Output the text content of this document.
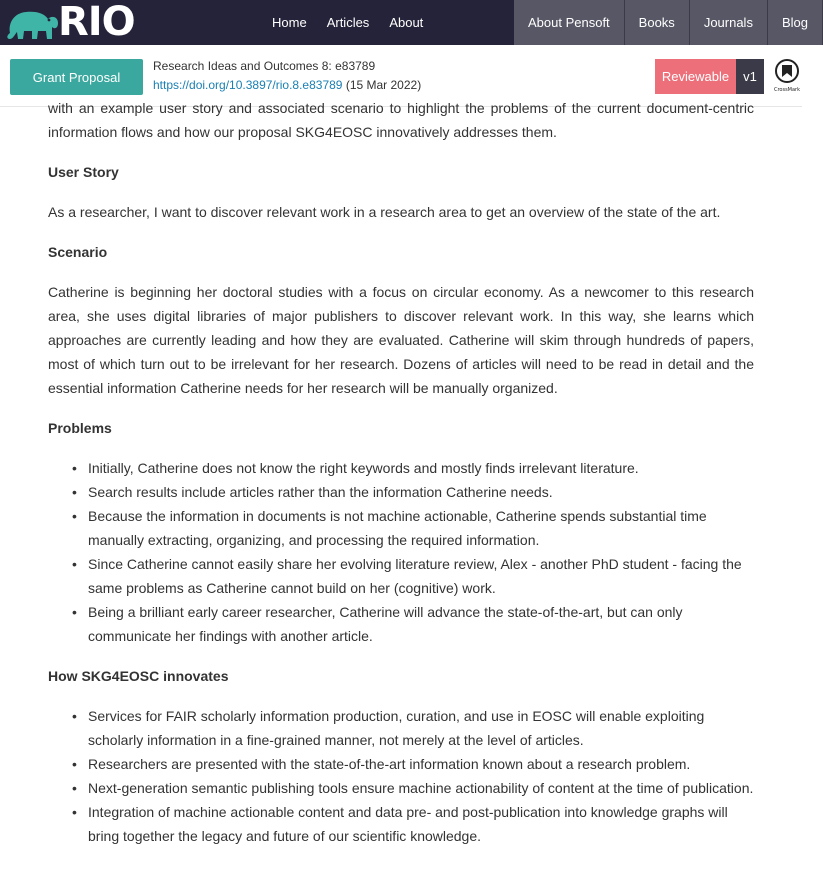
RIO	Home Articles About	About Pensoft	Books	Journals	Blog
Grant Proposal
Research Ideas and Outcomes 8: e83789
https://doi.org/10.3897/rio.8.e83789 (15 Mar 2022)
Reviewable	v1
CrossMark

with an example user story and associated scenario to highlight the problems of the current document-centric information flows and how our proposal SKG4EOSC innovatively addresses them.

User Story

As a researcher, I want to discover relevant work in a research area to get an overview of the state of the art.

Scenario

Catherine is beginning her doctoral studies with a focus on circular economy. As a newcomer to this research area, she uses digital libraries of major publishers to discover relevant work. In this way, she learns which approaches are currently leading and how they are evaluated. Catherine will skim through hundreds of papers, most of which turn out to be irrelevant for her research. Dozens of articles will need to be read in detail and the essential information Catherine needs for her research will be manually organized.

Problems
• Initially, Catherine does not know the right keywords and mostly finds irrelevant literature.
• Search results include articles rather than the information Catherine needs.
• Because the information in documents is not machine actionable, Catherine spends substantial time manually extracting, organizing, and processing the required information.
• Since Catherine cannot easily share her evolving literature review, Alex - another PhD student - facing the same problems as Catherine cannot build on her (cognitive) work.
• Being a brilliant early career researcher, Catherine will advance the state-of-the-art, but can only communicate her findings with another article.
How SKG4EOSC innovates
• Services for FAIR scholarly information production, curation, and use in EOSC will enable exploiting scholarly information in a fine-grained manner, not merely at the level of articles.
• Researchers are presented with the state-of-the-art information known about a research problem.
• Next-generation semantic publishing tools ensure machine actionability of content at the time of publication.
• Integration of machine actionable content and data pre- and post-publication into knowledge graphs will bring together the legacy and future of our scientific knowledge.
